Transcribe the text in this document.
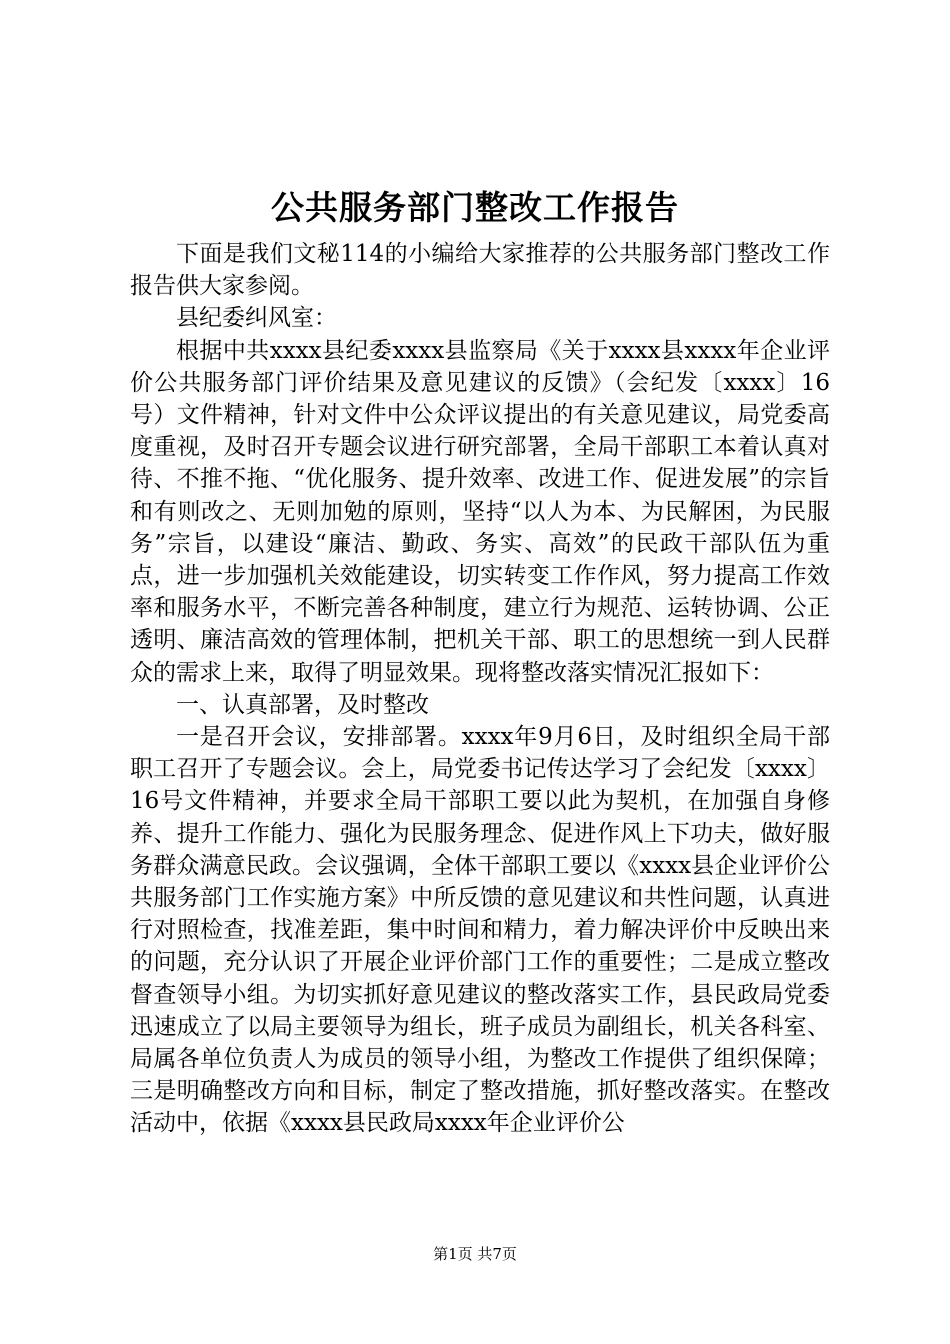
公共服务部门整改工作报告

下面是我们文秘114的小编给大家推荐的公共服务部门整改工作报告供大家参阅。

县纪委纠风室：

根据中共xxxx县纪委xxxx县监察局《关于xxxx县xxxx年企业评价公共服务部门评价结果及意见建议的反馈》（会纪发〔xxxx〕16号）文件精神，针对文件中公众评议提出的有关意见建议，局党委高度重视，及时召开专题会议进行研究部署，全局干部职工本着认真对待、不推不拖、“优化服务、提升效率、改进工作、促进发展”的宗旨和有则改之、无则加勉的原则，坚持“以人为本、为民解困，为民服务”宗旨，以建设“廉洁、勤政、务实、高效”的民政干部队伍为重点，进一步加强机关效能建设，切实转变工作作风，努力提高工作效率和服务水平，不断完善各种制度，建立行为规范、运转协调、公正透明、廉洁高效的管理体制，把机关干部、职工的思想统一到人民群众的需求上来，取得了明显效果。现将整改落实情况汇报如下：

一、认真部署，及时整改

一是召开会议，安排部署。xxxx年9月6日，及时组织全局干部职工召开了专题会议。会上，局党委书记传达学习了会纪发〔xxxx〕16号文件精神，并要求全局干部职工要以此为契机，在加强自身修养、提升工作能力、强化为民服务理念、促进作风上下功夫，做好服务群众满意民政。会议强调，全体干部职工要以《xxxx县企业评价公共服务部门工作实施方案》中所反馈的意见建议和共性问题，认真进行对照检查，找准差距，集中时间和精力，着力解决评价中反映出来的问题，充分认识了开展企业评价部门工作的重要性；二是成立整改督查领导小组。为切实抓好意见建议的整改落实工作，县民政局党委迅速成立了以局主要领导为组长，班子成员为副组长，机关各科室、局属各单位负责人为成员的领导小组，为整改工作提供了组织保障；三是明确整改方向和目标，制定了整改措施，抓好整改落实。在整改活动中，依据《xxxx县民政局xxxx年企业评价公

第1页 共7页
